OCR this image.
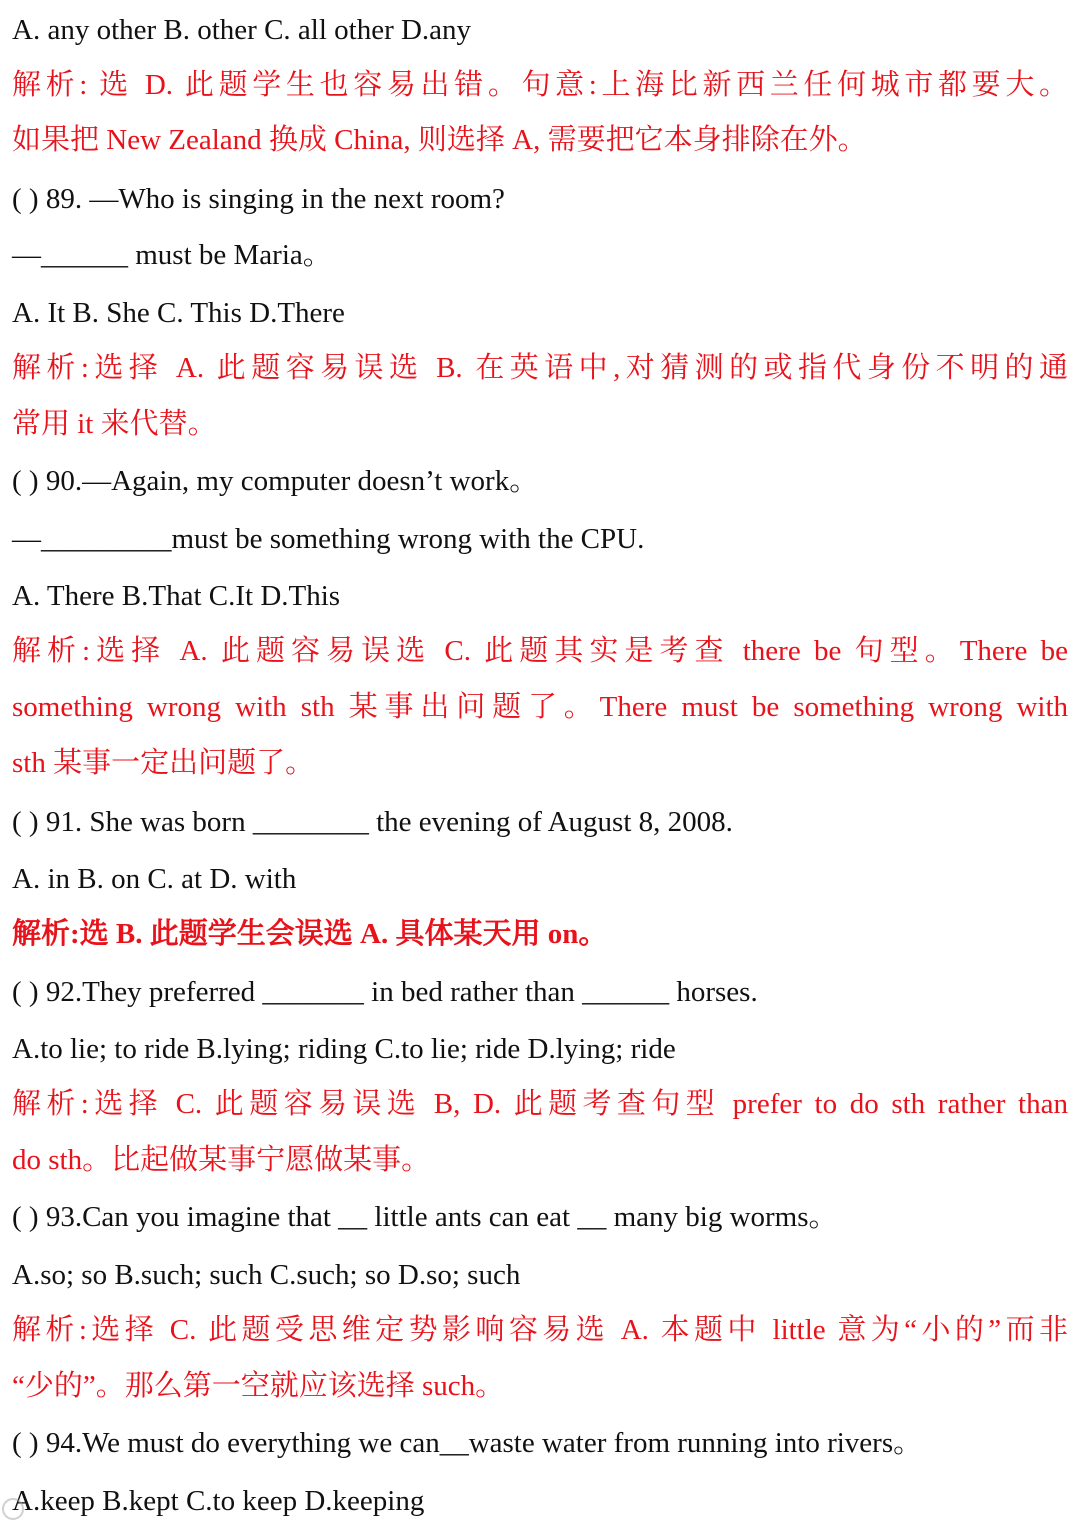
A. any other B. other C. all other D.any
解析: 选 D. 此题学生也容易出错。句意:上海比新西兰任何城市都要大。
如果把 New Zealand 换成 China, 则选择 A, 需要把它本身排除在外。
( ) 89. —Who is singing in the next room?
—______ must be Maria。
A. It B. She C. This D.There
解析:选择 A. 此题容易误选 B. 在英语中,对猜测的或指代身份不明的通
常用 it 来代替。
( ) 90.—Again, my computer doesn’t work。
—_________must be something wrong with the CPU.
A. There B.That C.It D.This
解析:选择 A. 此题容易误选 C. 此题其实是考查 there be 句型。There be
something wrong with sth 某事出问题了。There must be something wrong with
sth 某事一定出问题了。
( ) 91. She was born ________ the evening of August 8, 2008.
A. in B. on C. at D. with
解析:选 B. 此题学生会误选 A. 具体某天用 on。
( ) 92.They preferred _______ in bed rather than ______ horses.
A.to lie; to ride B.lying; riding C.to lie; ride D.lying; ride
解析:选择 C. 此题容易误选 B, D. 此题考查句型 prefer to do sth rather than
do sth。比起做某事宁愿做某事。
( ) 93.Can you imagine that __ little ants can eat __ many big worms。
A.so; so B.such; such C.such; so D.so; such
解析:选择 C. 此题受思维定势影响容易选 A. 本题中 little 意为“小的”而非
“少的”。那么第一空就应该选择 such。
( ) 94.We must do everything we can__waste water from running into rivers。
A.keep B.kept C.to keep D.keeping
